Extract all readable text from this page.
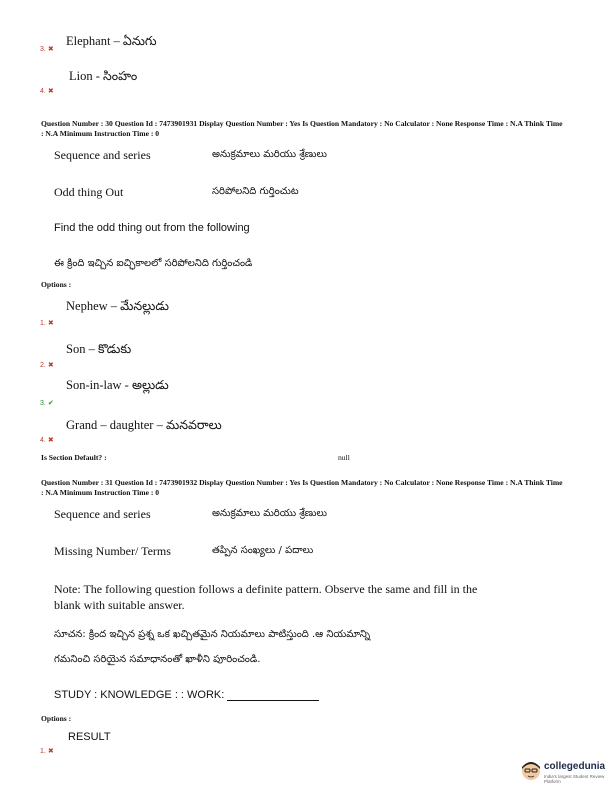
3. ✖
Elephant – ఏనుగు
4. ✖
Lion - సింహం
Question Number : 30 Question Id : 7473901931 Display Question Number : Yes Is Question Mandatory : No Calculator : None Response Time : N.A Think Time : N.A Minimum Instruction Time : 0
Sequence and series	అనుక్రమాలు మరియు శ్రేణులు
Odd thing Out	సరిపోలనిది గుర్తించుట
Find the odd thing out from the following
ఈ క్రింది ఇచ్చిన ఐచ్ఛికాలలో సరిపోలనిది గుర్తించండి
Options :
1. ✖
Nephew – మేనల్లుడు
2. ✖
Son – కొడుకు
3. ✔
Son-in-law - అల్లుడు
4. ✖
Grand – daughter – మనవరాలు
Is Section Default? :	null
Question Number : 31 Question Id : 7473901932 Display Question Number : Yes Is Question Mandatory : No Calculator : None Response Time : N.A Think Time : N.A Minimum Instruction Time : 0
Sequence and series	అనుక్రమాలు మరియు శ్రేణులు
Missing Number/ Terms	తప్పిన సంఖ్యలు / పదాలు
Note: The following question follows a definite pattern. Observe the same and fill in the blank with suitable answer.
సూచన: క్రింద ఇచ్చిన ప్రశ్న ఒక ఖచ్చితమైన నియమాలు పాటిస్తుంది .ఆ నియమాన్ని
గమనించి సరియైన సమాధానంతో ఖాళీని పూరించండి.
STUDY : KNOWLEDGE : : WORK:
Options :
1. ✖
RESULT
collegedunia
India's largest Student Review Platform
